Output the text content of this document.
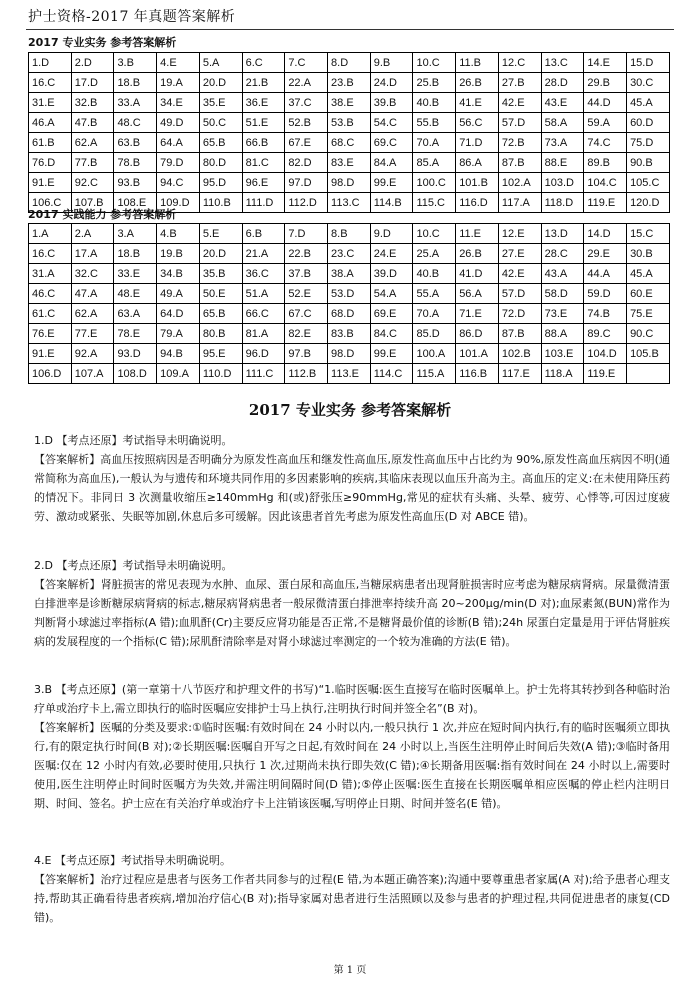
护士资格-2017 年真题答案解析
2017 专业实务 参考答案解析
1.D	2.D	3.B	4.E	5.A	6.C	7.C	8.D	9.B	10.C	11.B	12.C	13.C	14.E	15.D
16.C	17.D	18.B	19.A	20.D	21.B	22.A	23.B	24.D	25.B	26.B	27.B	28.D	29.B	30.C
31.E	32.B	33.A	34.E	35.E	36.E	37.C	38.E	39.B	40.B	41.E	42.E	43.E	44.D	45.A
46.A	47.B	48.C	49.D	50.C	51.E	52.B	53.B	54.C	55.B	56.C	57.D	58.A	59.A	60.D
61.B	62.A	63.B	64.A	65.B	66.B	67.E	68.C	69.C	70.A	71.D	72.B	73.A	74.C	75.D
76.D	77.B	78.B	79.D	80.D	81.C	82.D	83.E	84.A	85.A	86.A	87.B	88.E	89.B	90.B
91.E	92.C	93.B	94.C	95.D	96.E	97.D	98.D	99.E	100.C	101.B	102.A	103.D	104.C	105.C
106.C	107.B	108.E	109.D	110.B	111.D	112.D	113.C	114.B	115.C	116.D	117.A	118.D	119.E	120.D
2017 实践能力 参考答案解析
1.A	2.A	3.A	4.B	5.E	6.B	7.D	8.B	9.D	10.C	11.E	12.E	13.D	14.D	15.C
16.C	17.A	18.B	19.B	20.D	21.A	22.B	23.C	24.E	25.A	26.B	27.E	28.C	29.E	30.B
31.A	32.C	33.E	34.B	35.B	36.C	37.B	38.A	39.D	40.B	41.D	42.E	43.A	44.A	45.A
46.C	47.A	48.E	49.A	50.E	51.A	52.E	53.D	54.A	55.A	56.A	57.D	58.D	59.D	60.E
61.C	62.A	63.A	64.D	65.B	66.C	67.C	68.D	69.E	70.A	71.E	72.D	73.E	74.B	75.E
76.E	77.E	78.E	79.A	80.B	81.A	82.E	83.B	84.C	85.D	86.D	87.B	88.A	89.C	90.C
91.E	92.A	93.D	94.B	95.E	96.D	97.B	98.D	99.E	100.A	101.A	102.B	103.E	104.D	105.B
106.D	107.A	108.D	109.A	110.D	111.C	112.B	113.E	114.C	115.A	116.B	117.E	118.A	119.E	
2017 专业实务 参考答案解析

1.D 【考点还原】考试指导未明确说明。

【答案解析】高血压按照病因是否明确分为原发性高血压和继发性高血压,原发性高血压中占比约为 90%,原发性高血压病因不明(通常简称为高血压),一般认为与遗传和环境共同作用的多因素影响的疾病,其临床表现以血压升高为主。高血压的定义:在未使用降压药的情况下。非同日 3 次测量收缩压≥140mmHg 和(或)舒张压≥90mmHg,常见的症状有头痛、头晕、疲劳、心悸等,可因过度疲劳、激动或紧张、失眠等加剧,休息后多可缓解。因此该患者首先考虑为原发性高血压(D 对 ABCE 错)。

2.D 【考点还原】考试指导未明确说明。

【答案解析】肾脏损害的常见表现为水肿、血尿、蛋白尿和高血压,当糖尿病患者出现肾脏损害时应考虑为糖尿病肾病。尿量微清蛋白排泄率是诊断糖尿病肾病的标志,糖尿病肾病患者一般尿微清蛋白排泄率持续升高 20~200μg/min(D 对);血尿素氮(BUN)常作为判断肾小球滤过率指标(A 错);血肌酐(Cr)主要反应肾功能是否正常,不是糖肾最价值的诊断(B 错);24h 尿蛋白定量是用于评估肾脏疾病的发展程度的一个指标(C 错);尿肌酐清除率是对肾小球滤过率测定的一个较为准确的方法(E 错)。

3.B 【考点还原】(第一章第十八节医疗和护理文件的书写)“1.临时医嘱:医生直接写在临时医嘱单上。护士先将其转抄到各种临时治疗单或治疗卡上,需立即执行的临时医嘱应安排护士马上执行,注明执行时间并签全名”(B 对)。

【答案解析】医嘱的分类及要求:①临时医嘱:有效时间在 24 小时以内,一般只执行 1 次,并应在短时间内执行,有的临时医嘱须立即执行,有的限定执行时间(B 对);②长期医嘱:医嘱自开写之日起,有效时间在 24 小时以上,当医生注明停止时间后失效(A 错);③临时备用医嘱:仅在 12 小时内有效,必要时使用,只执行 1 次,过期尚未执行即失效(C 错);④长期备用医嘱:指有效时间在 24 小时以上,需要时使用,医生注明停止时间时医嘱方为失效,并需注明间隔时间(D 错);⑤停止医嘱:医生直接在长期医嘱单相应医嘱的停止栏内注明日期、时间、签名。护士应在有关治疗单或治疗卡上注销该医嘱,写明停止日期、时间并签名(E 错)。

4.E 【考点还原】考试指导未明确说明。

【答案解析】治疗过程应是患者与医务工作者共同参与的过程(E 错,为本题正确答案);沟通中要尊重患者家属(A 对);给予患者心理支持,帮助其正确看待患者疾病,增加治疗信心(B 对);指导家属对患者进行生活照顾以及参与患者的护理过程,共同促进患者的康复(CD 错)。

第 1 页
